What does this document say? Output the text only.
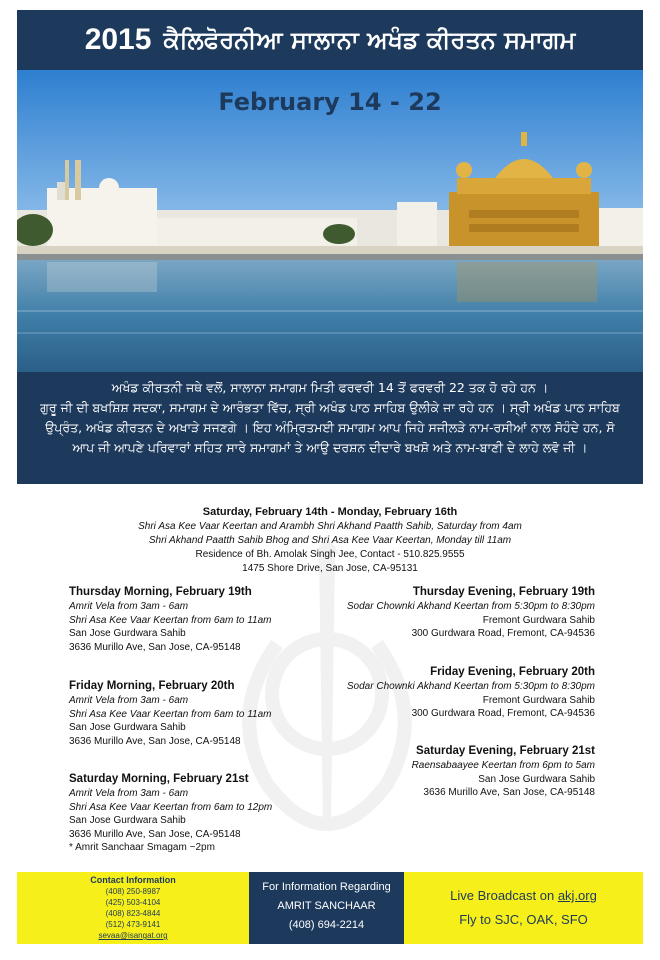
2015 ਕੈਲਿਫੋਰਨੀਆ ਸਾਲਾਨਾ ਅਖੰਡ ਕੀਰਤਨ ਸਮਾਗਮ
February 14 - 22

ਅਖੰਡ ਕੀਰਤਨੀ ਜਥੇ ਵਲੋਂ, ਸਾਲਾਨਾ ਸਮਾਗਮ ਮਿਤੀ ਫਰਵਰੀ 14 ਤੋਂ ਫਰਵਰੀ 22 ਤਕ ਹੋ ਰਹੇ ਹਨ ।

ਗੁਰੂ ਜੀ ਦੀ ਬਖਸ਼ਿਸ਼ ਸਦਕਾ, ਸਮਾਗਮ ਦੇ ਆਰੰਭਤਾ ਵਿੱਚ, ਸ੍ਰੀ ਅਖੰਡ ਪਾਠ ਸਾਹਿਬ ਉਲੀਕੇ ਜਾ ਰਹੇ ਹਨ । ਸ੍ਰੀ ਅਖੰਡ ਪਾਠ ਸਾਹਿਬ

ਉਪ੍ਰੰਤ, ਅਖੰਡ ਕੀਰਤਨ ਦੇ ਅਖਾੜੇ ਸਜਣਗੇ । ਇਹ ਅੰਮ੍ਰਿਤਮਈ ਸਮਾਗਮ ਆਪ ਜਿਹੇ ਸਜੀਲੜੇ ਨਾਮ-ਰਸੀਆਂ ਨਾਲ ਸੋਹੰਦੇ ਹਨ, ਸੋ

ਆਪ ਜੀ ਆਪਣੇ ਪਰਿਵਾਰਾਂ ਸਹਿਤ ਸਾਰੇ ਸਮਾਗਮਾਂ ਤੇ ਆਉ ਦਰਸ਼ਨ ਦੀਦਾਰੇ ਬਖਸ਼ੋ ਅਤੇ ਨਾਮ-ਬਾਣੀ ਦੇ ਲਾਹੇ ਲਵੋ ਜੀ ।

Saturday, February 14th - Monday, February 16th
Shri Asa Kee Vaar Keertan and Arambh Shri Akhand Paatth Sahib, Saturday from 4am
Shri Akhand Paatth Sahib Bhog and Shri Asa Kee Vaar Keertan, Monday till 11am
Residence of Bh. Amolak Singh Jee, Contact - 510.825.9555
1475 Shore Drive, San Jose, CA-95131
Thursday Morning, February 19th
Amrit Vela from 3am - 6am
Shri Asa Kee Vaar Keertan from 6am to 11am
San Jose Gurdwara Sahib
3636 Murillo Ave, San Jose, CA-95148
Friday Morning, February 20th
Amrit Vela from 3am - 6am
Shri Asa Kee Vaar Keertan from 6am to 11am
San Jose Gurdwara Sahib
3636 Murillo Ave, San Jose, CA-95148
Saturday Morning, February 21st
Amrit Vela from 3am - 6am
Shri Asa Kee Vaar Keertan from 6am to 12pm
San Jose Gurdwara Sahib
3636 Murillo Ave, San Jose, CA-95148
* Amrit Sanchaar Smagam ~2pm
Thursday Evening, February 19th
Sodar Chownki Akhand Keertan from 5:30pm to 8:30pm
Fremont Gurdwara Sahib
300 Gurdwara Road, Fremont, CA-94536
Friday Evening, February 20th
Sodar Chownki Akhand Keertan from 5:30pm to 8:30pm
Fremont Gurdwara Sahib
300 Gurdwara Road, Fremont, CA-94536
Saturday Evening, February 21st
Raensabaayee Keertan from 6pm to 5am
San Jose Gurdwara Sahib
3636 Murillo Ave, San Jose, CA-95148
Contact Information
(408) 250-8987
(425) 503-4104
(408) 823-4844
(512) 473-9141
sevaa@isangat.org
For Information Regarding
AMRIT SANCHAAR
(408) 694-2214
Live Broadcast on akj.org
Fly to SJC, OAK, SFO
